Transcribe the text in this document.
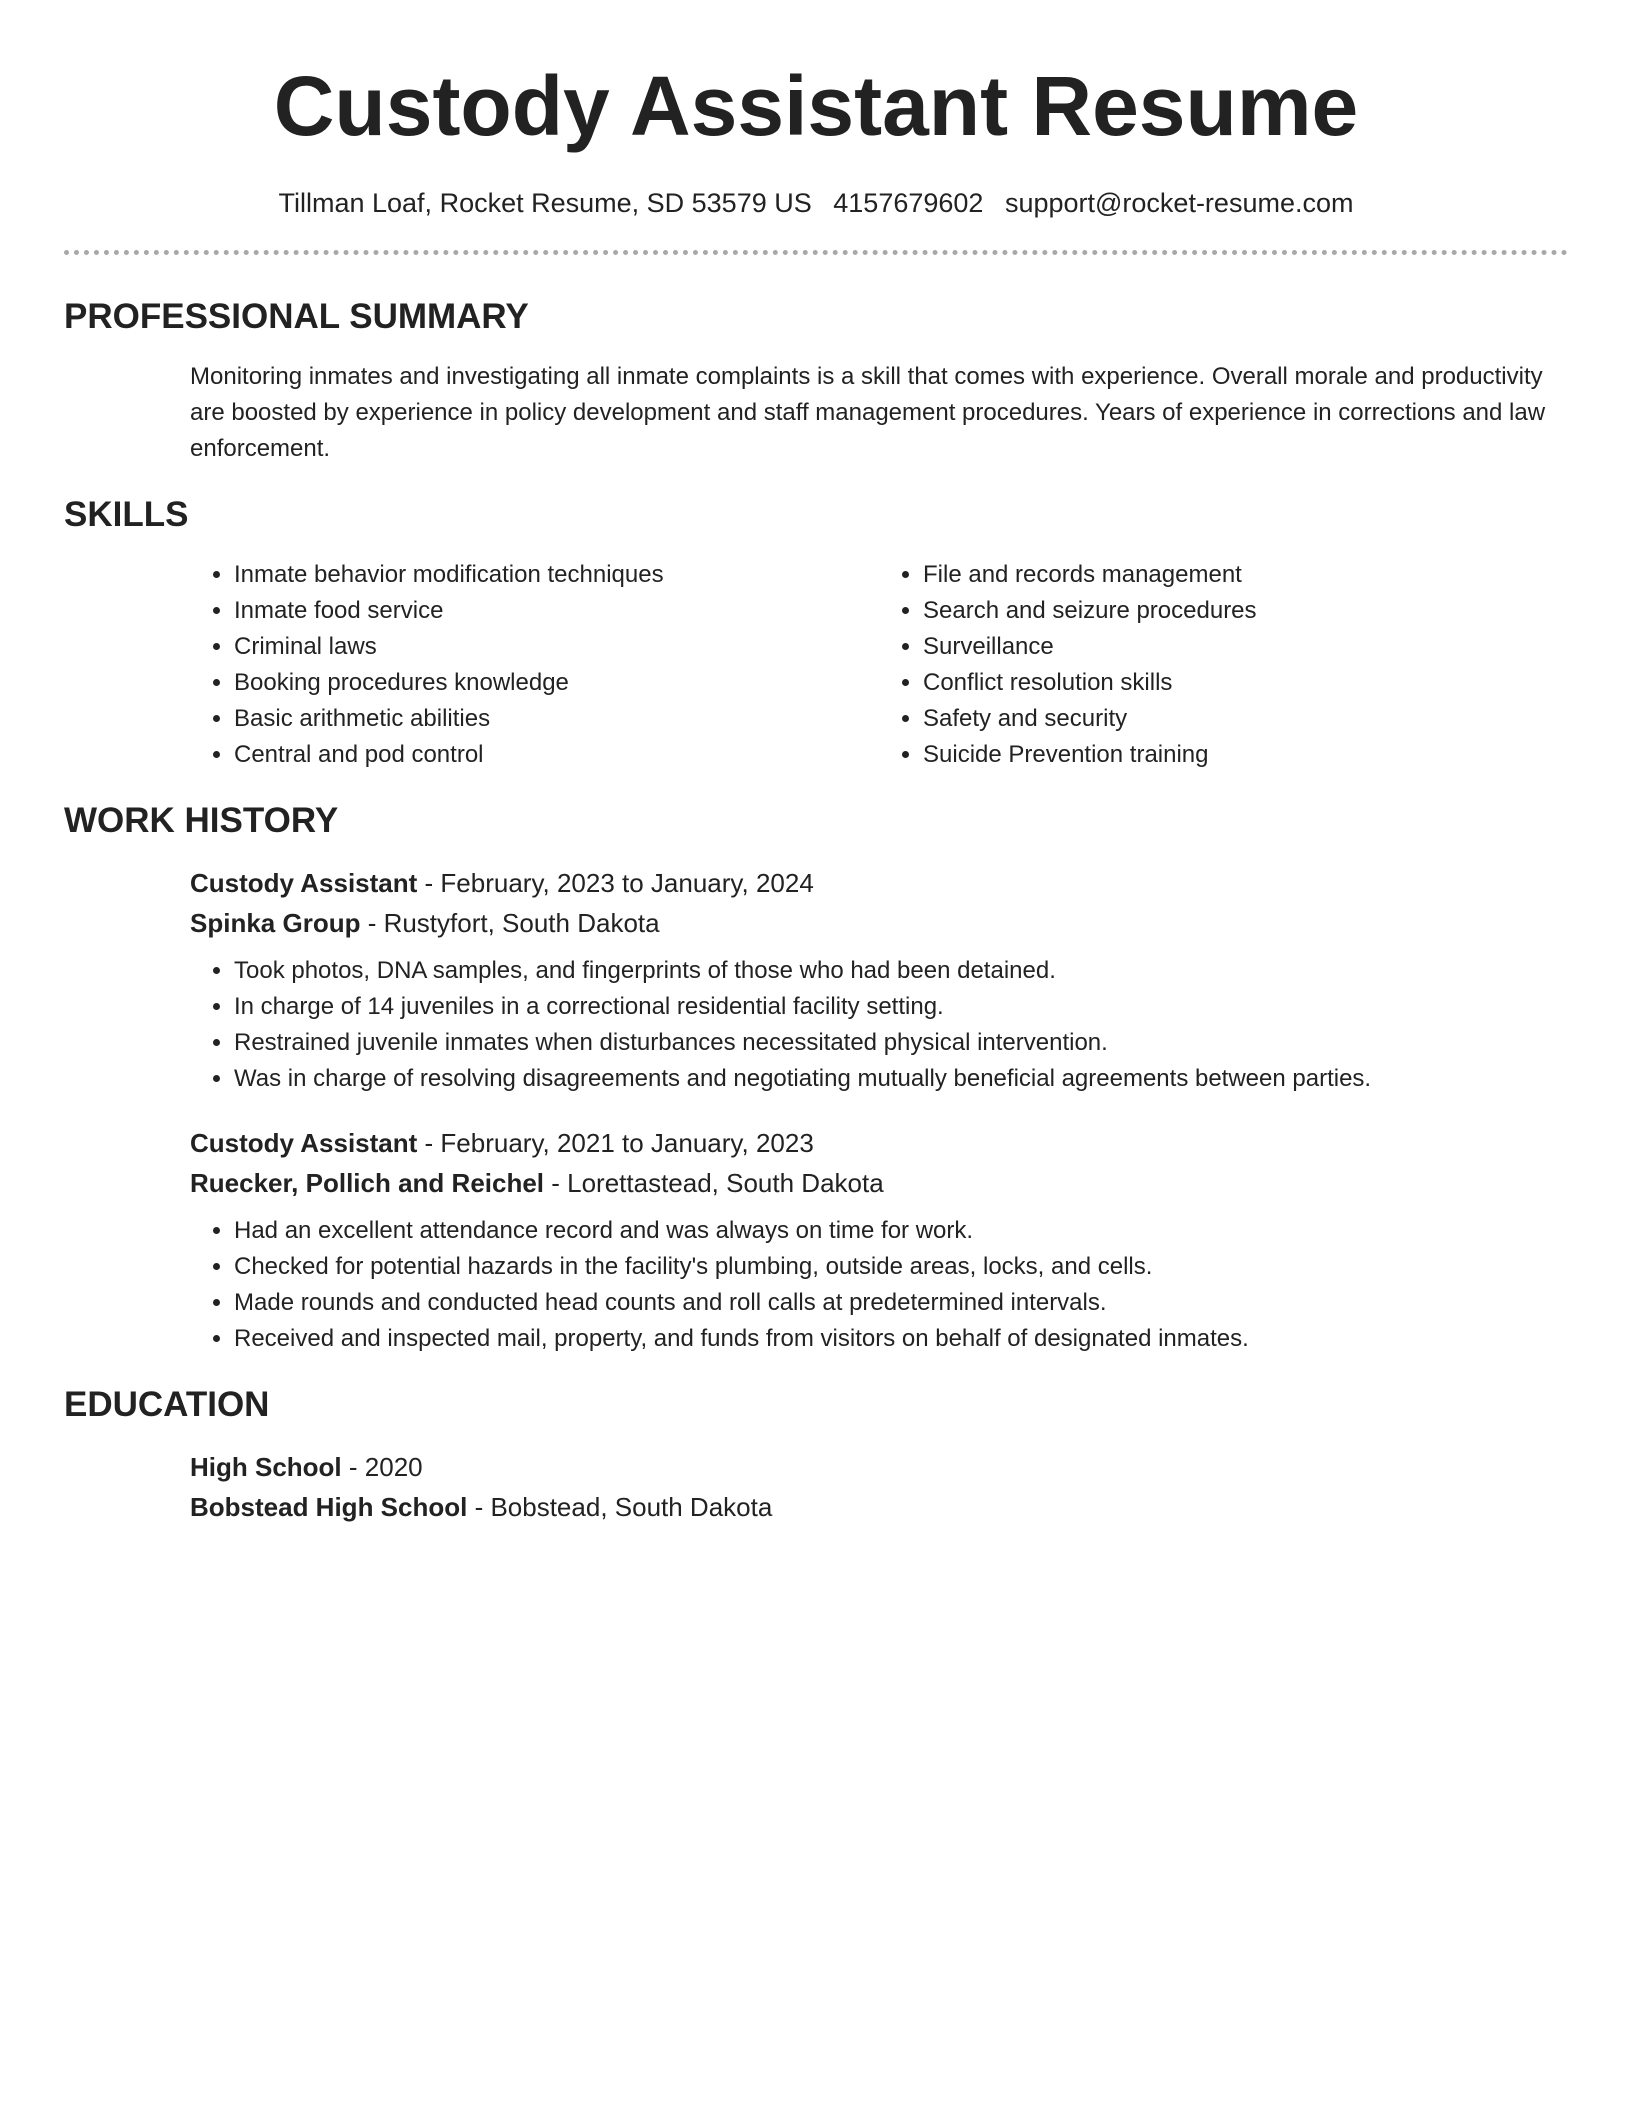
Custody Assistant Resume
Tillman Loaf, Rocket Resume, SD 53579 US 4157679602 support@rocket-resume.com
PROFESSIONAL SUMMARY

Monitoring inmates and investigating all inmate complaints is a skill that comes with experience. Overall morale and productivity are boosted by experience in policy development and staff management procedures. Years of experience in corrections and law enforcement.

SKILLS
• Inmate behavior modification techniques
• Inmate food service
• Criminal laws
• Booking procedures knowledge
• Basic arithmetic abilities
• Central and pod control
• File and records management
• Search and seizure procedures
• Surveillance
• Conflict resolution skills
• Safety and security
• Suicide Prevention training
WORK HISTORY
Custody Assistant - February, 2023 to January, 2024
Spinka Group - Rustyfort, South Dakota
• Took photos, DNA samples, and fingerprints of those who had been detained.
• In charge of 14 juveniles in a correctional residential facility setting.
• Restrained juvenile inmates when disturbances necessitated physical intervention.
• Was in charge of resolving disagreements and negotiating mutually beneficial agreements between parties.
Custody Assistant - February, 2021 to January, 2023
Ruecker, Pollich and Reichel - Lorettastead, South Dakota
• Had an excellent attendance record and was always on time for work.
• Checked for potential hazards in the facility's plumbing, outside areas, locks, and cells.
• Made rounds and conducted head counts and roll calls at predetermined intervals.
• Received and inspected mail, property, and funds from visitors on behalf of designated inmates.
EDUCATION
High School - 2020
Bobstead High School - Bobstead, South Dakota
